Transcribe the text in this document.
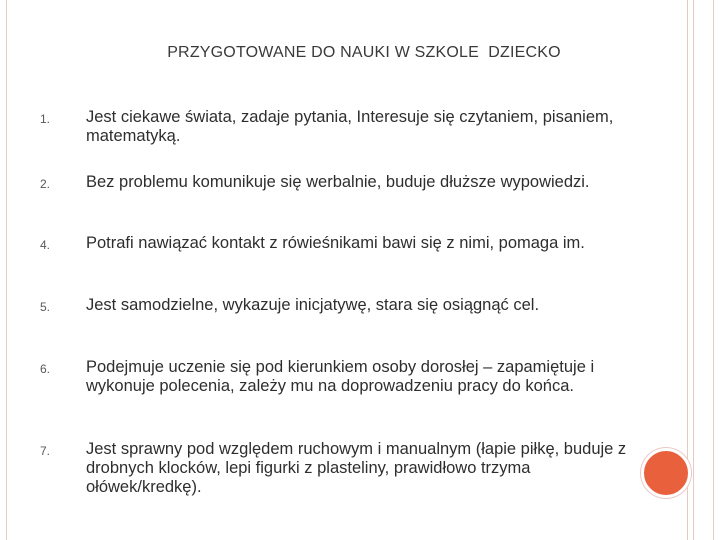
PRZYGOTOWANE DO NAUKI W SZKOLE  DZIECKO
1. Jest ciekawe świata, zadaje pytania, Interesuje się czytaniem, pisaniem, matematyką.
2. Bez problemu komunikuje się werbalnie, buduje dłuższe wypowiedzi.
4. Potrafi nawiązać kontakt z rówieśnikami bawi się z nimi, pomaga im.
5. Jest samodzielne, wykazuje inicjatywę, stara się osiągnąć cel.
6. Podejmuje uczenie się pod kierunkiem osoby dorosłej – zapamiętuje i wykonuje polecenia, zależy mu na doprowadzeniu pracy do końca.
7. Jest sprawny pod względem ruchowym i manualnym (łapie piłkę, buduje z drobnych klocków, lepi figurki z plasteliny, prawidłowo trzyma ołówek/kredkę).
